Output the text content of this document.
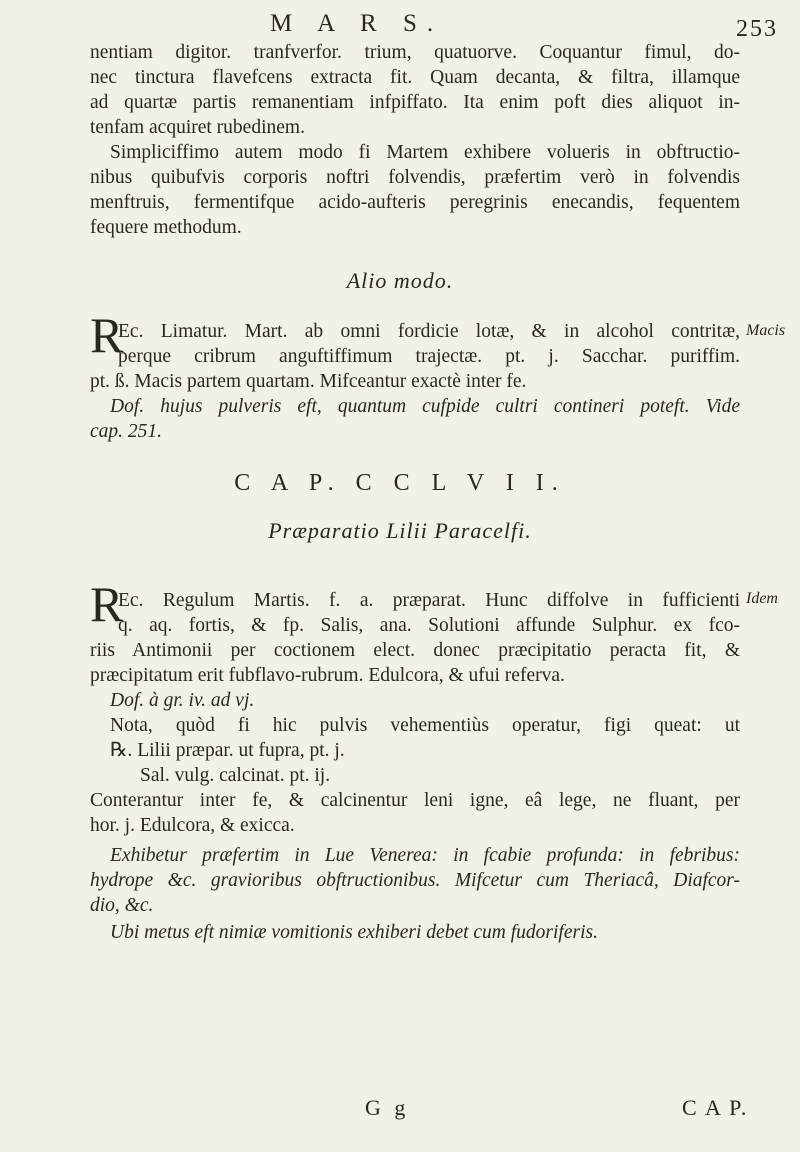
M A R S.	253
nentiam digitor. tranfverfor. trium, quatuorve. Coquantur fimul, do-
nec tinctura flavefcens extracta fit. Quam decanta, & filtra, illamque
ad quartæ partis remanentiam infpiffato. Ita enim poft dies aliquot in-
tenfam acquiret rubedinem.
Simpliciffimo autem modo fi Martem exhibere volueris in obftructio-
nibus quibufvis corporis noftri folvendis, præfertim verò in folvendis
menftruis, fermentifque acido-aufteris peregrinis enecandis, fequentem
fequere methodum.
Alio modo.
R
Ec. Limatur. Mart. ab omni fordicie lotæ, & in alcohol contritæ,
perque cribrum anguftiffimum trajectæ. pt. j. Sacchar. puriffim.
pt. ß. Macis partem quartam. Mifceantur exactè inter fe.
Dof. hujus pulveris eft, quantum cufpide cultri contineri poteft. Vide
cap. 251.
Macis
C A P. C C L V I I.
Præparatio Lilii Paracelfi.
R	Idem
Ec. Regulum Martis. f. a. præparat. Hunc diffolve in fufficienti
q. aq. fortis, & fp. Salis, ana. Solutioni affunde Sulphur. ex fco-
riis Antimonii per coctionem elect. donec præcipitatio peracta fit, &
præcipitatum erit fubflavo-rubrum. Edulcora, & ufui referva.
Dof. à gr. iv. ad vj.
Nota, quòd fi hic pulvis vehementiùs operatur, figi queat: ut
℞. Lilii præpar. ut fupra, pt. j.
Sal. vulg. calcinat. pt. ij.
Conterantur inter fe, & calcinentur leni igne, eâ lege, ne fluant, per
hor. j. Edulcora, & exicca.
Exhibetur præfertim in Lue Venerea: in fcabie profunda: in febribus:
hydrope &c. gravioribus obftructionibus. Mifcetur cum Theriacâ, Diafcor-
dio, &c.
Ubi metus eft nimiæ vomitionis exhiberi debet cum fudoriferis.
G g	C A P.
